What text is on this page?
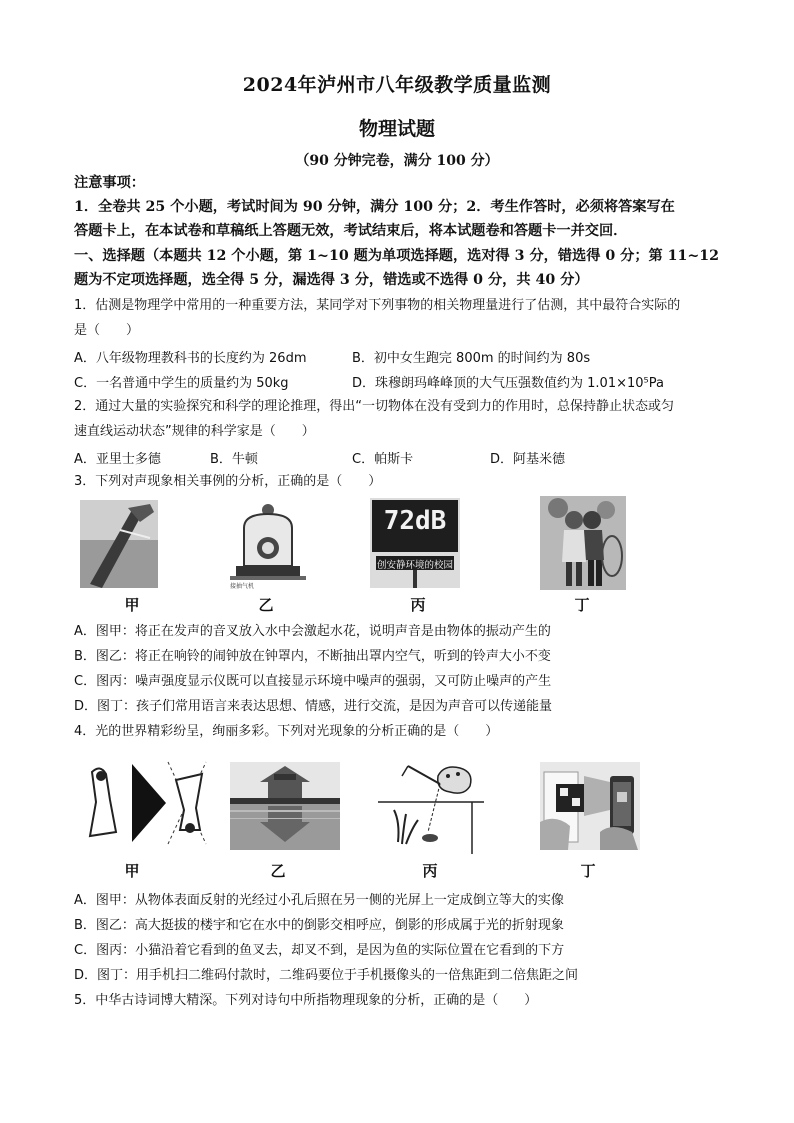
2024年泸州市八年级教学质量监测
物理试题
（90 分钟完卷，满分 100 分）
注意事项：
1．全卷共 25 个小题，考试时间为 90 分钟，满分 100 分；2．考生作答时，必须将答案写在
答题卡上，在本试卷和草稿纸上答题无效，考试结束后，将本试题卷和答题卡一并交回．
一、选择题（本题共 12 个小题，第 1~10 题为单项选择题，选对得 3 分，错选得 0 分；第 11~12
题为不定项选择题，选全得 5 分，漏选得 3 分，错选或不选得 0 分，共 40 分）
1．估测是物理学中常用的一种重要方法，某同学对下列事物的相关物理量进行了估测，其中最符合实际的
是（　　）
A．八年级物理教科书的长度约为 26dm	B．初中女生跑完 800m 的时间约为 80s
C．一名普通中学生的质量约为 50kg	D．珠穆朗玛峰峰顶的大气压强数值约为 1.01×10⁵Pa
2．通过大量的实验探究和科学的理论推理，得出“一切物体在没有受到力的作用时，总保持静止状态或匀
速直线运动状态”规律的科学家是（　　）
A．亚里士多德	B．牛顿	C．帕斯卡	D．阿基米德
3．下列对声现象相关事例的分析，正确的是（　　）
接抽气机
72dB
创安静环境的校园
甲	乙	丙	丁
A．图甲：将正在发声的音叉放入水中会激起水花，说明声音是由物体的振动产生的
B．图乙：将正在响铃的闹钟放在钟罩内，不断抽出罩内空气，听到的铃声大小不变
C．图丙：噪声强度显示仪既可以直接显示环境中噪声的强弱，又可防止噪声的产生
D．图丁：孩子们常用语言来表达思想、情感，进行交流，是因为声音可以传递能量
4．光的世界精彩纷呈，绚丽多彩。下列对光现象的分析正确的是（　　）
甲	乙	丙	丁
A．图甲：从物体表面反射的光经过小孔后照在另一侧的光屏上一定成倒立等大的实像
B．图乙：高大挺拔的楼宇和它在水中的倒影交相呼应，倒影的形成属于光的折射现象
C．图丙：小猫沿着它看到的鱼叉去，却叉不到，是因为鱼的实际位置在它看到的下方
D．图丁：用手机扫二维码付款时，二维码要位于手机摄像头的一倍焦距到二倍焦距之间
5．中华古诗词博大精深。下列对诗句中所指物理现象的分析，正确的是（　　）
